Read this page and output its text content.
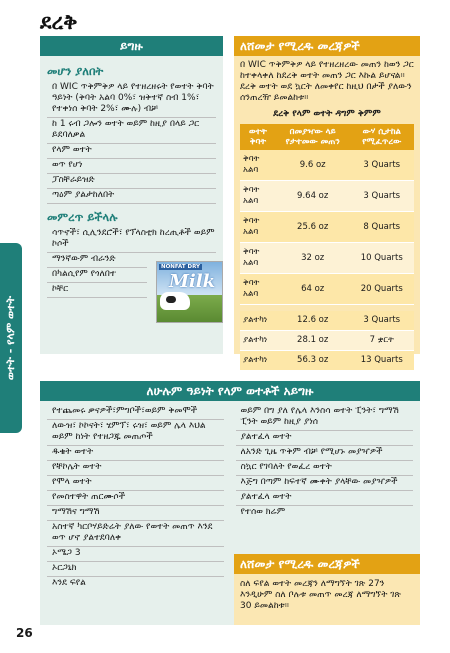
ደረቅ
ወተት - የላም ወተት
ይግዙ
መሆን ያለበት
በ WIC ጥቅምቅዎ ላይ የተዘረዘሩት የወተት ቅባት ዓይነት (ቅባት አልባ 0%፣ ዝቅተኛ ስብ 1%፣ የተቀነሰ ቅባት 2%፣ ሙሉ) ብቻ
ከ 1 ሩብ ጋሎን ወተት ወይም ከዚያ በላይ ጋር ይደባለቃል
የላም ወተት
ወጥ የሆነ
ፓስቸራይዝድ
ጣዕም ያልታከለበት
መምረጥ ይችላሉ
ሳጥኖች፣ ሲሊንደሮች፣ የፕላስቲክ ከረጢቶች ወይም ኮሶች
ማንኛውም ብራንድ
በካልሲየም የጎለበተ
ኮቸር
NONFAT DRY
Milk
ለሸመታ የሚረዱ መረጃዎች
በ WIC ጥቅምቅዎ ላይ የተዘረዘረው መጠን ከወን ጋር ከተቀላቀለ ከደረቅ ወተት መጠን ጋር እኩል ይሆናል። ደረቅ ወተት ወደ ኳርት ለመቀየር ከዚህ በታች ያለውን ሰንጠረዥ ይመልከቱ።
ደረቅ የላም ወተት ዳግም ቅምም
ወተት ቅባት	በመያዣው ላይ የታተመው መጠን	ውሃ ሲታከል የሚፈጥረው
ቅባት አልባ	9.6 oz	3 Quarts
ቅባት አልባ	9.64 oz	3 Quarts
ቅባት አልባ	25.6 oz	8 Quarts
ቅባት አልባ	32 oz	10 Quarts
ቅባት አልባ	64 oz	20 Quarts

ያልተካነ	12.6 oz	3 Quarts
ያልተካነ	28.1 oz	7 ቋርት
ያልተካነ	56.3 oz	13 Quarts
ለሁሉም ዓይነት የላም ወተቶች አይግዙ
የተጨመሩ ቃናዎች፣ምግቦች፣ወይም ቅመሞች
ለውዝ፣ ኮኮናት፣ ሄምፕ፣ ሩዝ፣ ወይም ሌላ እህል ወይም ከነት የተዘጋጁ መጠጦች
ዱቄት ወተት
የቸኮሌት ወተት
የሞላ ወተት
የመስተዋት ጠርሙሶች
ግማሽና ግማሽ
አስተኛ ካርቦሃይድሬት ያለው የወተት መጠጥ እንደ ወጥ ሆኖ ያልተደባለቀ
ኦሜጋ 3
ኦርጋኒክ
እንደ ፍየል
ወይም በግ ያለ የሌላ እንስሳ ወተት ፒንት፣ ግማሽ ፒንት ወይም ከዚያ ያነሰ
ያልተፈላ ወተት
ለአንድ ጊዜ ጥቅም ብቻ የሚሆኑ መያዣዎች
ስኳር የገባለት የወፈረ ወተት
እጅግ በጣም ከፍተኛ ሙቀት ያላቸው መያዣዎች
ያልተፈላ ወተት
የተሰወ ክሬም
ለሸመታ የሚረዱ መረጃዎች
ስለ ፍየል ወተት መረጃን ለማግኘት ገጽ 27ን እንዲሁም ስለ ቦሉቱ መጠጥ መረጃ ለማግኘት ገጽ 30 ይመልከቱ።
26
